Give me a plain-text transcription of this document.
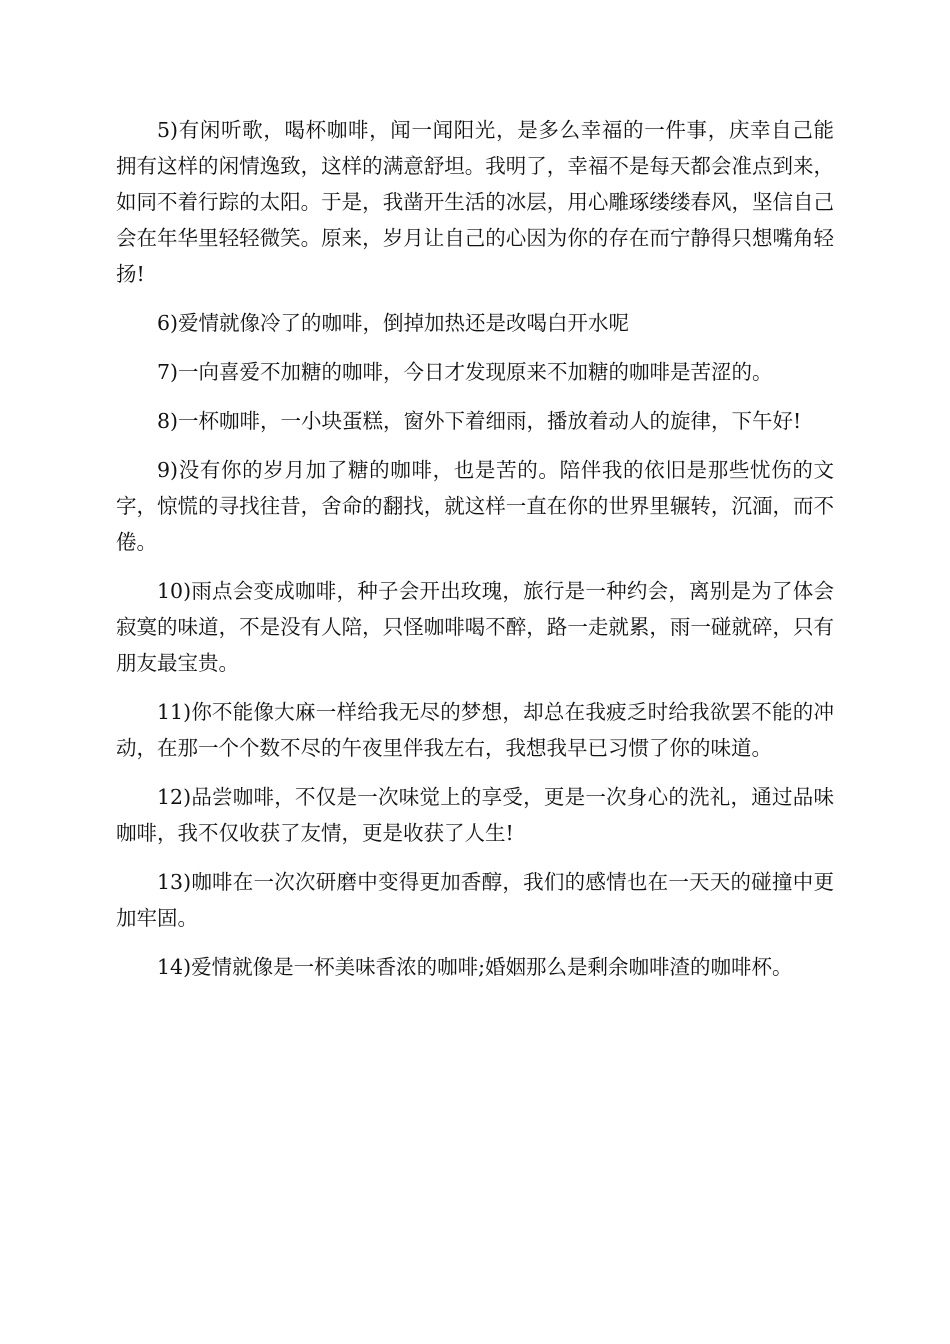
5)有闲听歌，喝杯咖啡，闻一闻阳光，是多么幸福的一件事，庆幸自己能拥有这样的闲情逸致，这样的满意舒坦。我明了，幸福不是每天都会准点到来，如同不着行踪的太阳。于是，我凿开生活的冰层，用心雕琢缕缕春风，坚信自己会在年华里轻轻微笑。原来，岁月让自己的心因为你的存在而宁静得只想嘴角轻扬!

6)爱情就像冷了的咖啡，倒掉加热还是改喝白开水呢

7)一向喜爱不加糖的咖啡，今日才发现原来不加糖的咖啡是苦涩的。

8)一杯咖啡，一小块蛋糕，窗外下着细雨，播放着动人的旋律，下午好!

9)没有你的岁月加了糖的咖啡，也是苦的。陪伴我的依旧是那些忧伤的文字，惊慌的寻找往昔，舍命的翻找，就这样一直在你的世界里辗转，沉湎，而不倦。

10)雨点会变成咖啡，种子会开出玫瑰，旅行是一种约会，离别是为了体会寂寞的味道，不是没有人陪，只怪咖啡喝不醉，路一走就累，雨一碰就碎，只有朋友最宝贵。

11)你不能像大麻一样给我无尽的梦想，却总在我疲乏时给我欲罢不能的冲动，在那一个个数不尽的午夜里伴我左右，我想我早已习惯了你的味道。

12)品尝咖啡，不仅是一次味觉上的享受，更是一次身心的洗礼，通过品味咖啡，我不仅收获了友情，更是收获了人生!

13)咖啡在一次次研磨中变得更加香醇，我们的感情也在一天天的碰撞中更加牢固。

14)爱情就像是一杯美味香浓的咖啡;婚姻那么是剩余咖啡渣的咖啡杯。
